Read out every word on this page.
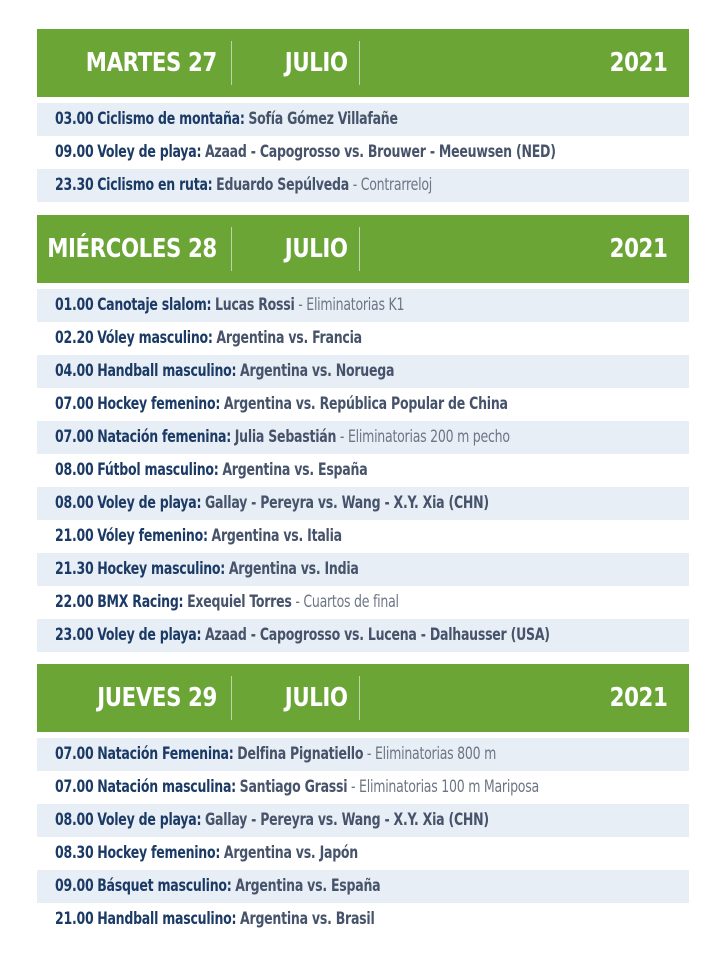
MARTES 27	JULIO	2021
03.00 Ciclismo de montaña: Sofía Gómez Villafañe
09.00 Voley de playa: Azaad - Capogrosso vs. Brouwer - Meeuwsen (NED)
23.30 Ciclismo en ruta: Eduardo Sepúlveda - Contrarreloj
MIÉRCOLES 28	JULIO	2021
01.00 Canotaje slalom: Lucas Rossi - Eliminatorias K1
02.20 Vóley masculino: Argentina vs. Francia
04.00 Handball masculino: Argentina vs. Noruega
07.00 Hockey femenino: Argentina vs. República Popular de China
07.00 Natación femenina: Julia Sebastián - Eliminatorias 200 m pecho
08.00 Fútbol masculino: Argentina vs. España
08.00 Voley de playa: Gallay - Pereyra vs. Wang - X.Y. Xia (CHN)
21.00 Vóley femenino: Argentina vs. Italia
21.30 Hockey masculino: Argentina vs. India
22.00 BMX Racing: Exequiel Torres - Cuartos de final
23.00 Voley de playa: Azaad - Capogrosso vs. Lucena - Dalhausser (USA)
JUEVES 29	JULIO	2021
07.00 Natación Femenina: Delfina Pignatiello - Eliminatorias 800 m
07.00 Natación masculina: Santiago Grassi - Eliminatorias 100 m Mariposa
08.00 Voley de playa: Gallay - Pereyra vs. Wang - X.Y. Xia (CHN)
08.30 Hockey femenino: Argentina vs. Japón
09.00 Básquet masculino: Argentina vs. España
21.00 Handball masculino: Argentina vs. Brasil
